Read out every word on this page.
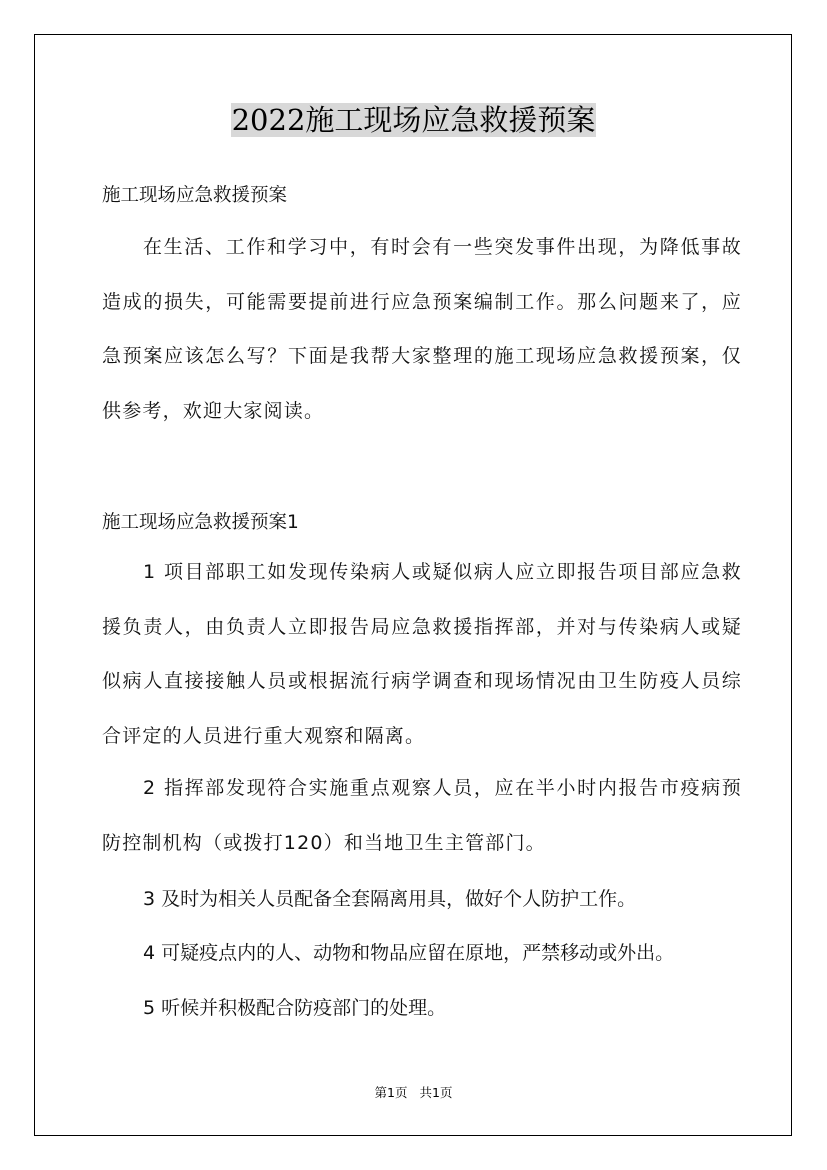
2022施工现场应急救援预案
施工现场应急救援预案
在生活、工作和学习中，有时会有一些突发事件出现，为降低事故造成的损失，可能需要提前进行应急预案编制工作。那么问题来了，应急预案应该怎么写？下面是我帮大家整理的施工现场应急救援预案，仅供参考，欢迎大家阅读。
施工现场应急救援预案1
1 项目部职工如发现传染病人或疑似病人应立即报告项目部应急救援负责人，由负责人立即报告局应急救援指挥部，并对与传染病人或疑似病人直接接触人员或根据流行病学调查和现场情况由卫生防疫人员综合评定的人员进行重大观察和隔离。
2 指挥部发现符合实施重点观察人员，应在半小时内报告市疫病预防控制机构（或拨打120）和当地卫生主管部门。
3 及时为相关人员配备全套隔离用具，做好个人防护工作。
4 可疑疫点内的人、动物和物品应留在原地，严禁移动或外出。
5 听候并积极配合防疫部门的处理。
第1页 共1页
